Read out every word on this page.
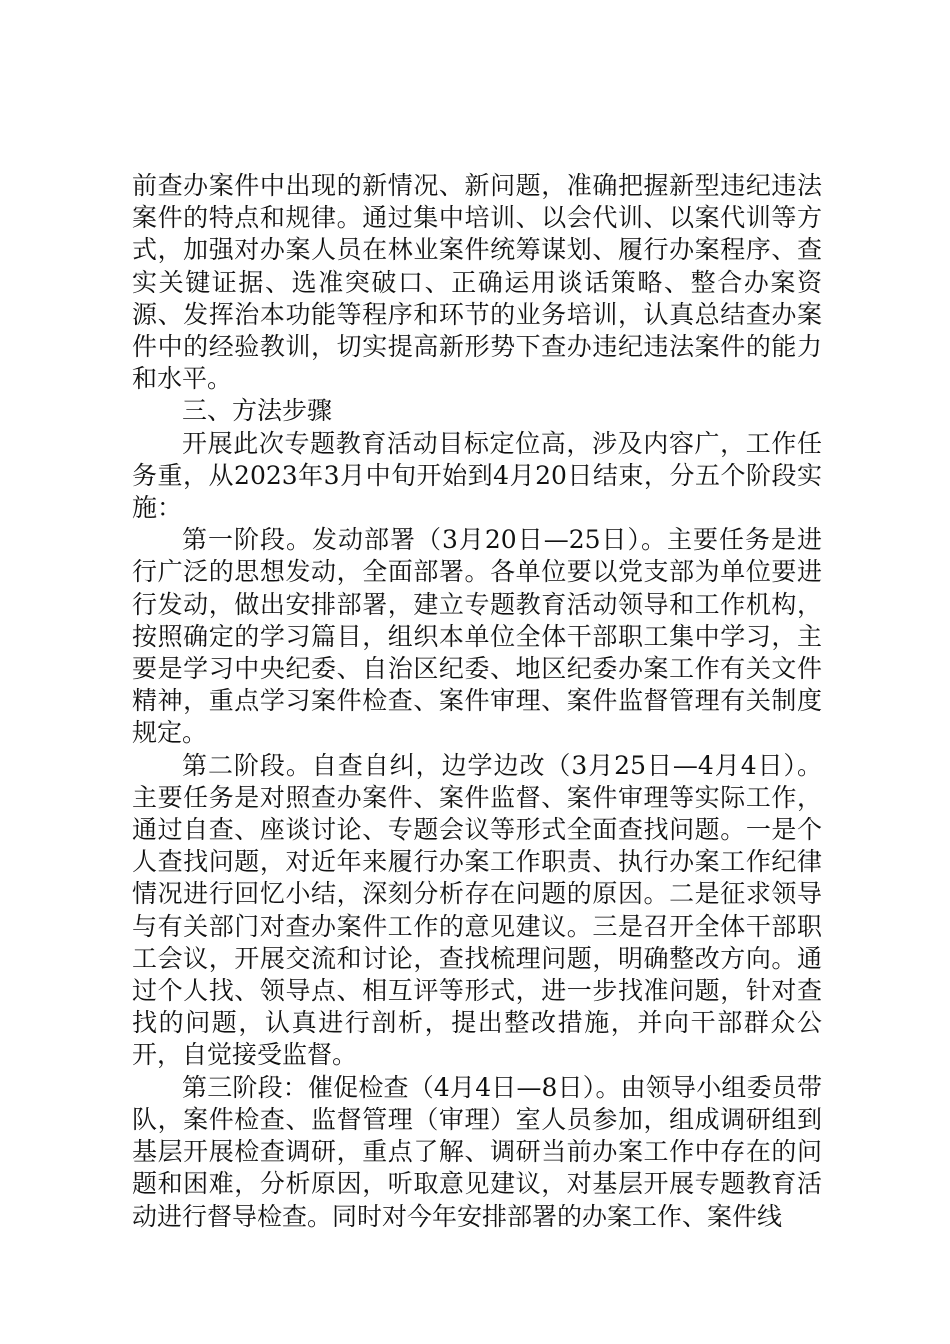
前查办案件中出现的新情况、新问题，准确把握新型违纪违法案件的特点和规律。通过集中培训、以会代训、以案代训等方式，加强对办案人员在林业案件统筹谋划、履行办案程序、查实关键证据、选准突破口、正确运用谈话策略、整合办案资源、发挥治本功能等程序和环节的业务培训，认真总结查办案件中的经验教训，切实提高新形势下查办违纪违法案件的能力和水平。

三、方法步骤

开展此次专题教育活动目标定位高，涉及内容广，工作任务重，从2023年3月中旬开始到4月20日结束，分五个阶段实施：

第一阶段。发动部署（3月20日—25日）。主要任务是进行广泛的思想发动，全面部署。各单位要以党支部为单位要进行发动，做出安排部署，建立专题教育活动领导和工作机构，按照确定的学习篇目，组织本单位全体干部职工集中学习，主要是学习中央纪委、自治区纪委、地区纪委办案工作有关文件精神，重点学习案件检查、案件审理、案件监督管理有关制度规定。

第二阶段。自查自纠，边学边改（3月25日—4月4日）。主要任务是对照查办案件、案件监督、案件审理等实际工作，通过自查、座谈讨论、专题会议等形式全面查找问题。一是个人查找问题，对近年来履行办案工作职责、执行办案工作纪律情况进行回忆小结，深刻分析存在问题的原因。二是征求领导与有关部门对查办案件工作的意见建议。三是召开全体干部职工会议，开展交流和讨论，查找梳理问题，明确整改方向。通过个人找、领导点、相互评等形式，进一步找准问题，针对查找的问题，认真进行剖析，提出整改措施，并向干部群众公开，自觉接受监督。

第三阶段：催促检查（4月4日—8日）。由领导小组委员带队，案件检查、监督管理（审理）室人员参加，组成调研组到基层开展检查调研，重点了解、调研当前办案工作中存在的问题和困难，分析原因，听取意见建议，对基层开展专题教育活动进行督导检查。同时对今年安排部署的办案工作、案件线
